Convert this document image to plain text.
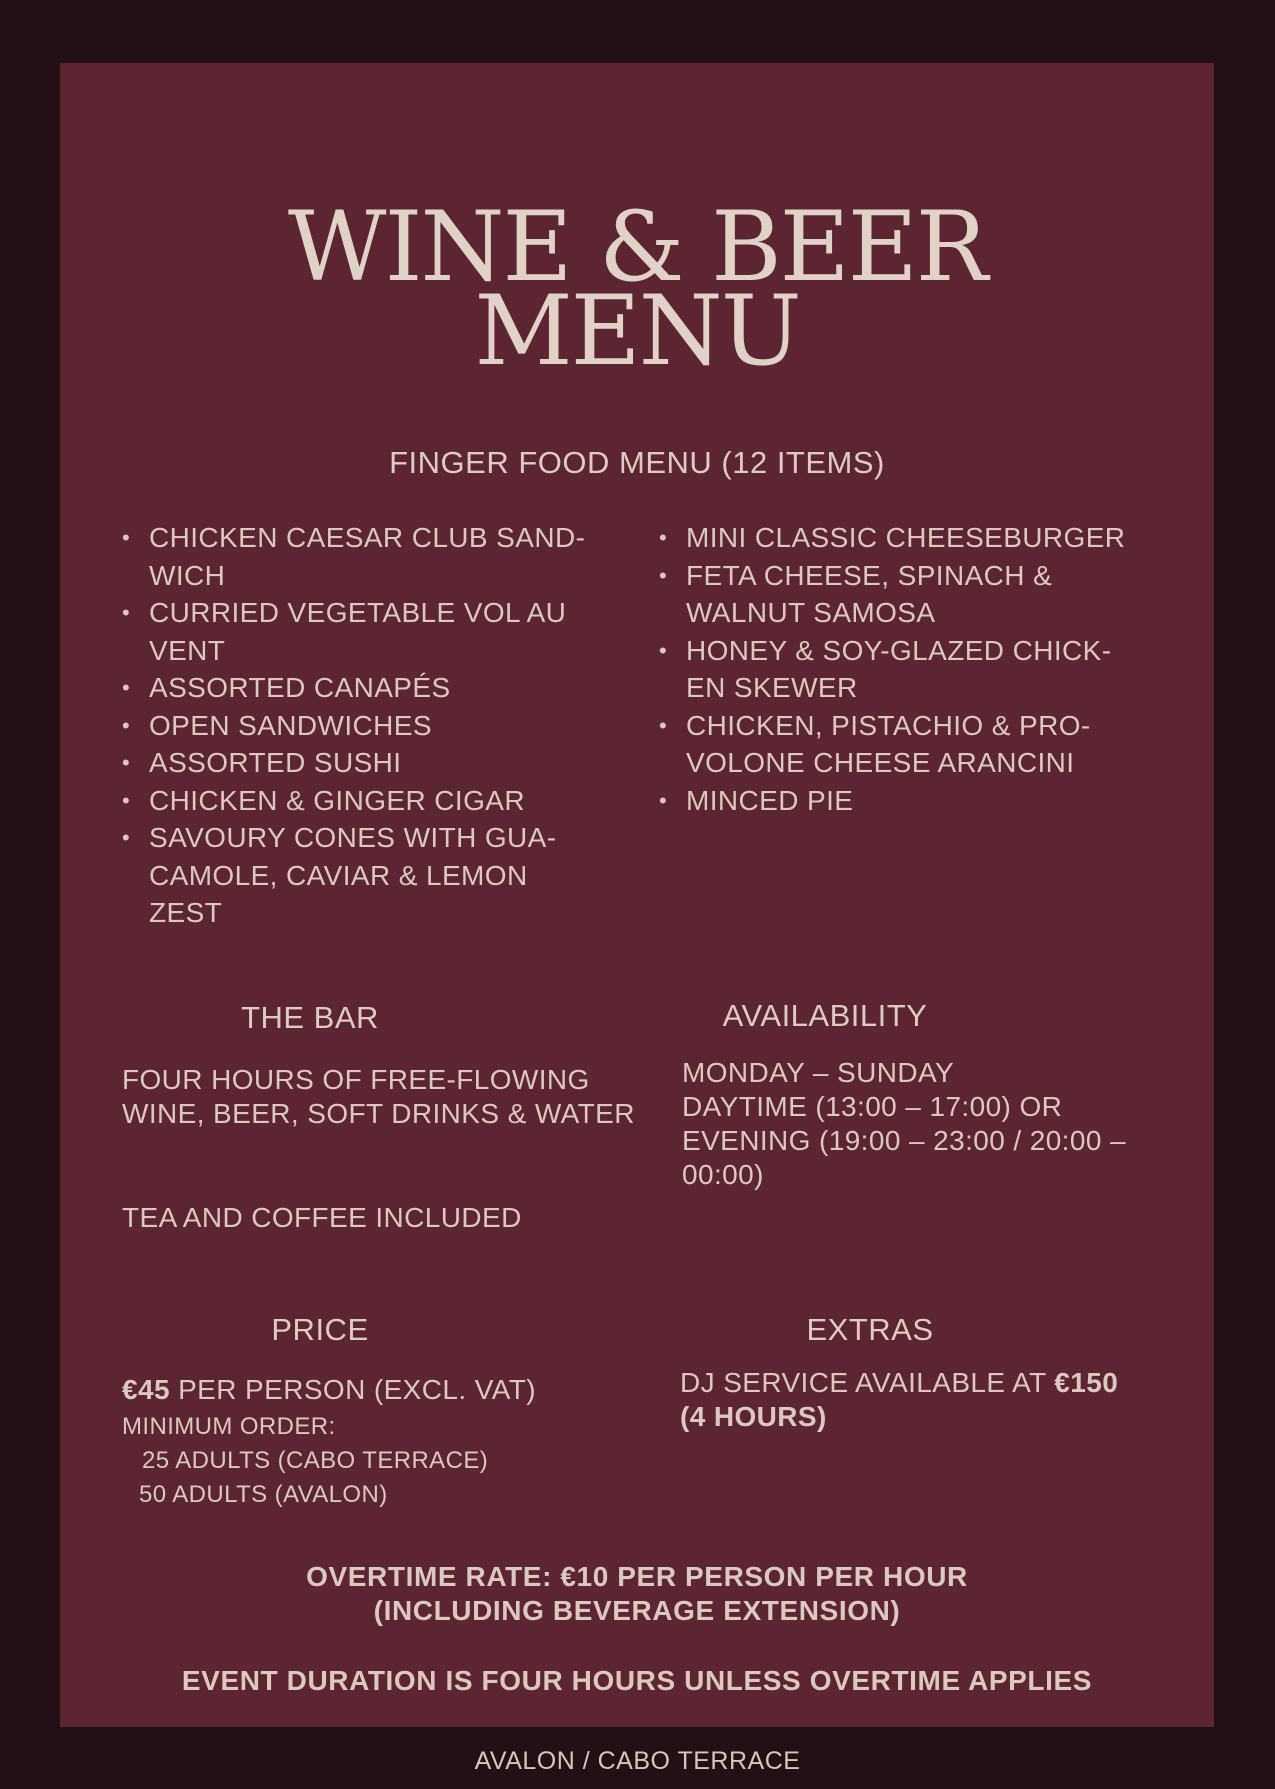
WINE & BEER
MENU
FINGER FOOD MENU (12 ITEMS)
• CHICKEN CAESAR CLUB SAND-
WICH
• CURRIED VEGETABLE VOL AU
VENT
• ASSORTED CANAPÉS
• OPEN SANDWICHES
• ASSORTED SUSHI
• CHICKEN & GINGER CIGAR
• SAVOURY CONES WITH GUA-
CAMOLE, CAVIAR & LEMON
ZEST
• MINI CLASSIC CHEESEBURGER
• FETA CHEESE, SPINACH &
WALNUT SAMOSA
• HONEY & SOY-GLAZED CHICK-
EN SKEWER
• CHICKEN, PISTACHIO & PRO-
VOLONE CHEESE ARANCINI
• MINCED PIE
THE BAR

FOUR HOURS OF FREE-FLOWING WINE, BEER, SOFT DRINKS & WATER

TEA AND COFFEE INCLUDED

AVAILABILITY
MONDAY – SUNDAY
DAYTIME (13:00 – 17:00) OR
EVENING (19:00 – 23:00 / 20:00 –
00:00)
PRICE

€45 PER PERSON (EXCL. VAT)

MINIMUM ORDER:
25 ADULTS (CABO TERRACE)
50 ADULTS (AVALON)
EXTRAS

DJ SERVICE AVAILABLE AT €150
(4 HOURS)

OVERTIME RATE: €10 PER PERSON PER HOUR
(INCLUDING BEVERAGE EXTENSION)

EVENT DURATION IS FOUR HOURS UNLESS OVERTIME APPLIES

AVALON / CABO TERRACE
